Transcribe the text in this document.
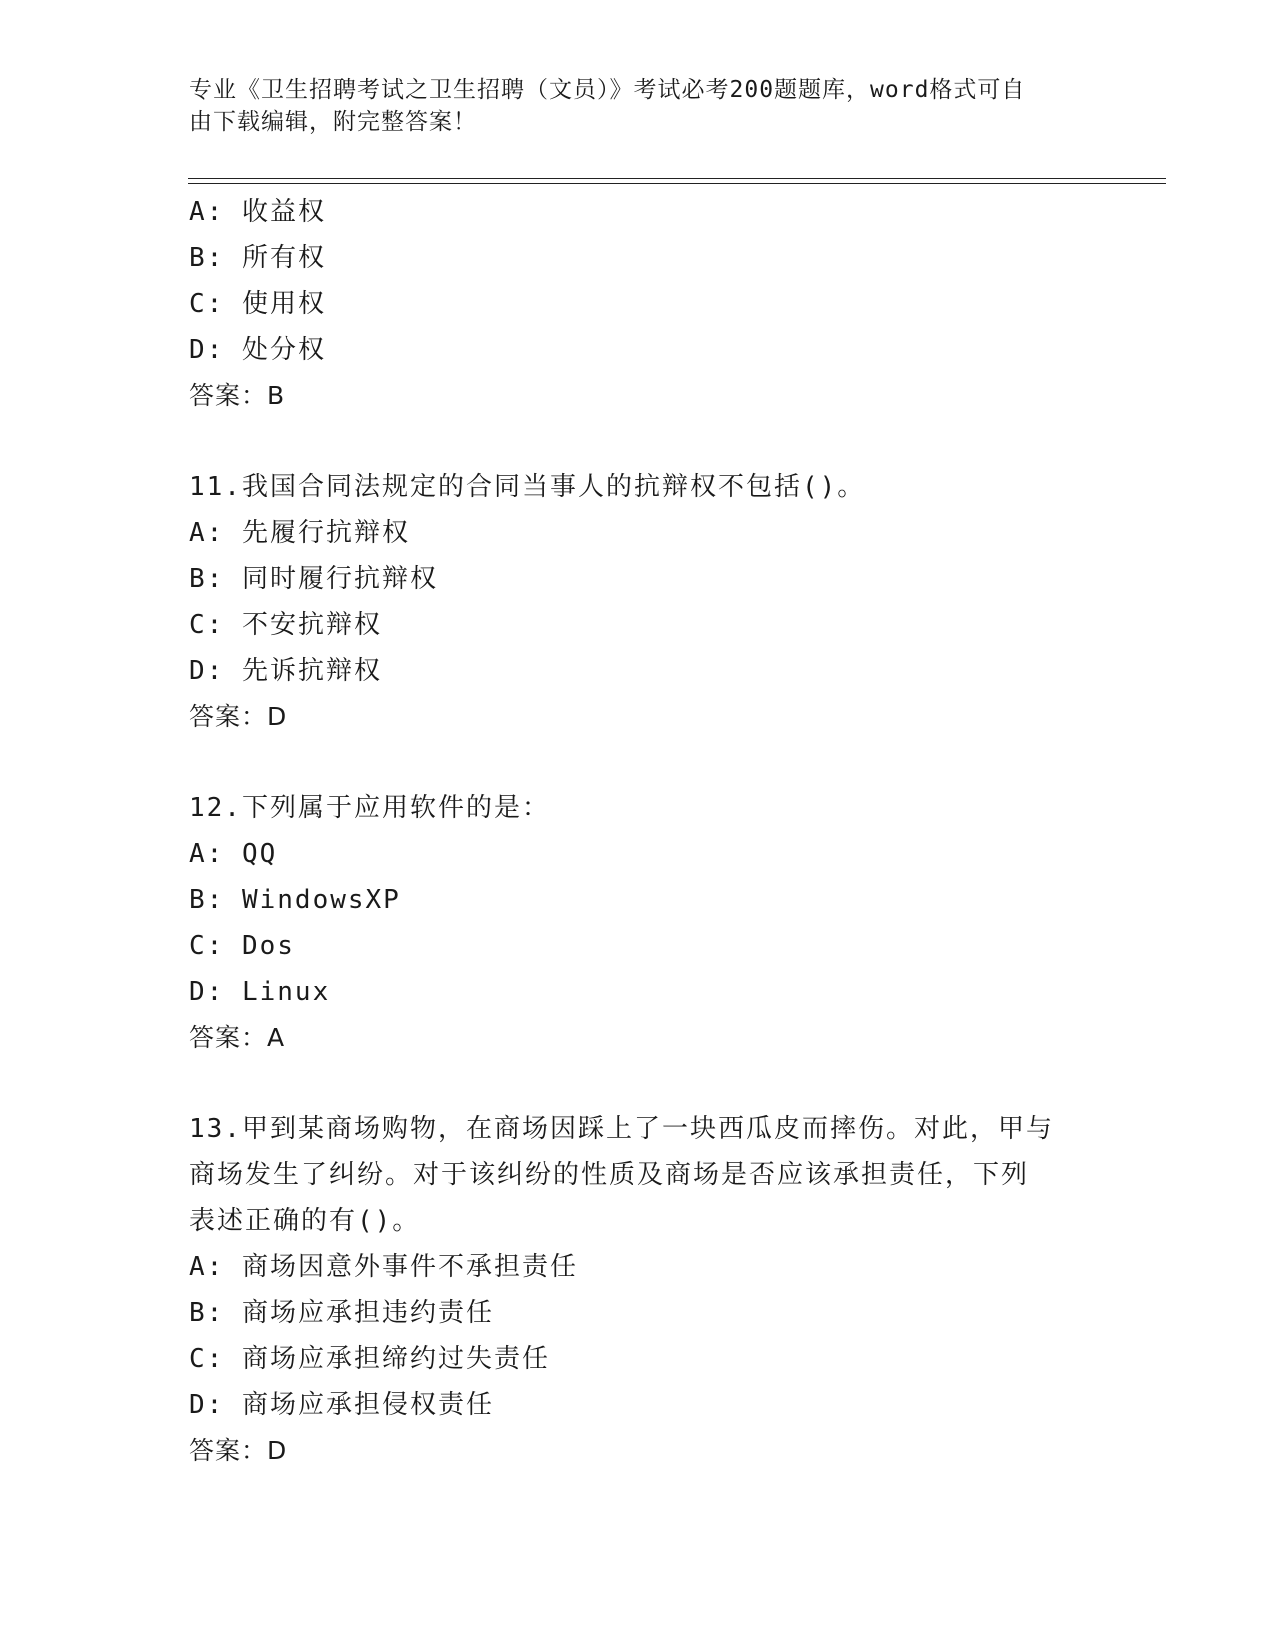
专业《卫生招聘考试之卫生招聘（文员）》考试必考200题题库，word格式可自
由下载编辑，附完整答案！
A: 收益权
B: 所有权
C: 使用权
D: 处分权
答案：B
11.我国合同法规定的合同当事人的抗辩权不包括()。
A: 先履行抗辩权
B: 同时履行抗辩权
C: 不安抗辩权
D: 先诉抗辩权
答案：D
12.下列属于应用软件的是：
A: QQ
B: WindowsXP
C: Dos
D: Linux
答案：A
13.甲到某商场购物，在商场因踩上了一块西瓜皮而摔伤。对此，甲与
商场发生了纠纷。对于该纠纷的性质及商场是否应该承担责任，下列
表述正确的有()。
A: 商场因意外事件不承担责任
B: 商场应承担违约责任
C: 商场应承担缔约过失责任
D: 商场应承担侵权责任
答案：D
